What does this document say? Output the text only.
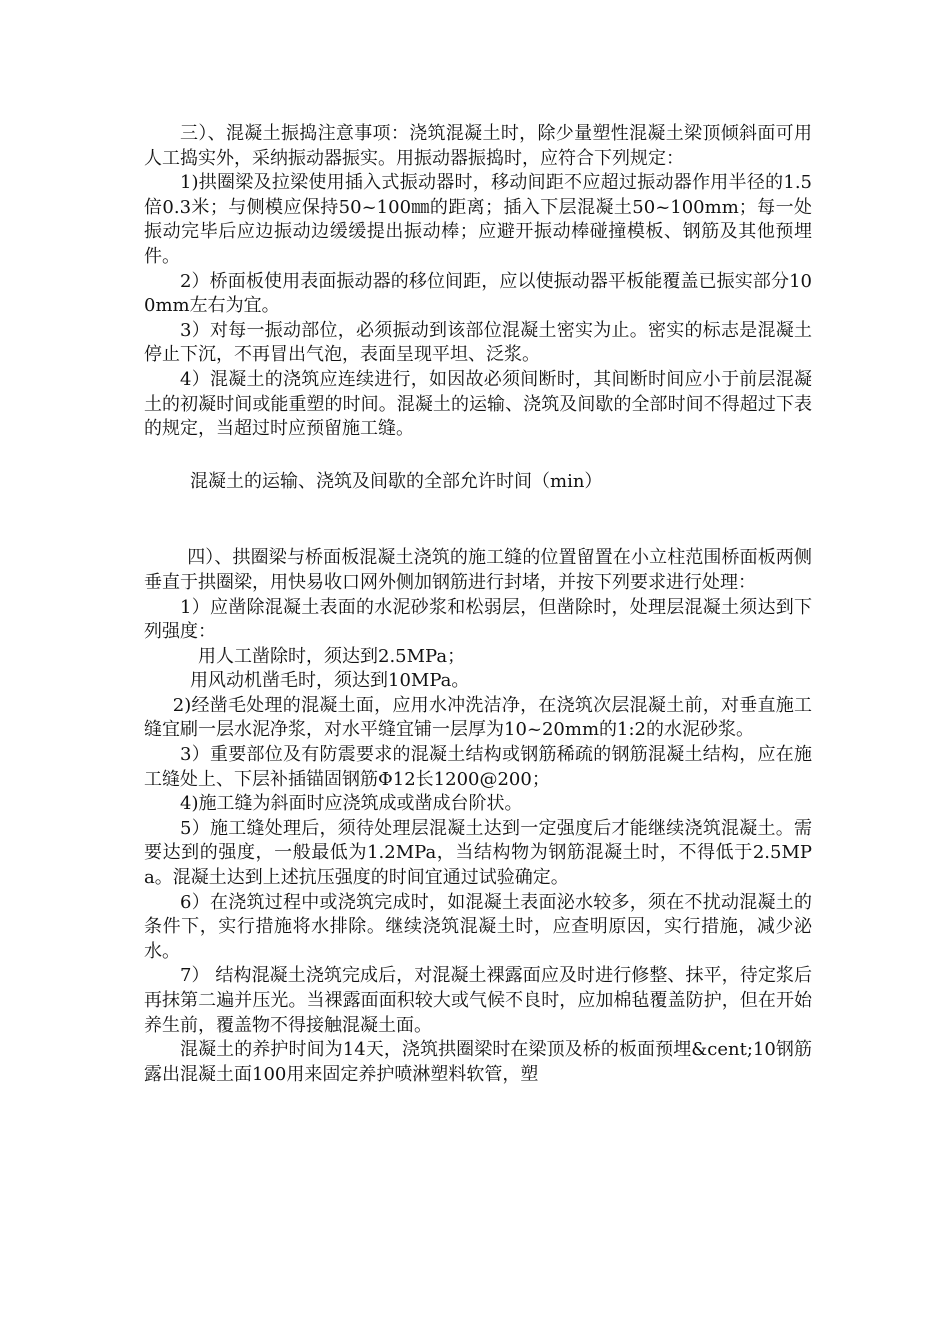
三）、混凝土振捣注意事项：浇筑混凝土时，除少量塑性混凝土梁顶倾斜面可用人工捣实外，采纳振动器振实。用振动器振捣时，应符合下列规定：

1)拱圈梁及拉梁使用插入式振动器时，移动间距不应超过振动器作用半径的1.5倍0.3米；与侧模应保持50~100㎜的距离；插入下层混凝土50~100mm；每一处振动完毕后应边振动边缓缓提出振动棒；应避开振动棒碰撞模板、钢筋及其他预埋件。

2）桥面板使用表面振动器的移位间距，应以使振动器平板能覆盖已振实部分100mm左右为宜。

3）对每一振动部位，必须振动到该部位混凝土密实为止。密实的标志是混凝土停止下沉，不再冒出气泡，表面呈现平坦、泛浆。

4）混凝土的浇筑应连续进行，如因故必须间断时，其间断时间应小于前层混凝土的初凝时间或能重塑的时间。混凝土的运输、浇筑及间歇的全部时间不得超过下表的规定，当超过时应预留施工缝。

混凝土的运输、浇筑及间歇的全部允许时间（min）

四）、拱圈梁与桥面板混凝土浇筑的施工缝的位置留置在小立柱范围桥面板两侧垂直于拱圈梁，用快易收口网外侧加钢筋进行封堵，并按下列要求进行处理：

1）应凿除混凝土表面的水泥砂浆和松弱层，但凿除时，处理层混凝土须达到下列强度：

用人工凿除时，须达到2.5MPa；

用风动机凿毛时，须达到10MPa。

2)经凿毛处理的混凝土面，应用水冲洗洁净，在浇筑次层混凝土前，对垂直施工缝宜刷一层水泥净浆，对水平缝宜铺一层厚为10~20mm的1:2的水泥砂浆。

3）重要部位及有防震要求的混凝土结构或钢筋稀疏的钢筋混凝土结构，应在施工缝处上、下层补插锚固钢筋Φ12长1200@200；

4)施工缝为斜面时应浇筑成或凿成台阶状。

5）施工缝处理后，须待处理层混凝土达到一定强度后才能继续浇筑混凝土。需要达到的强度，一般最低为1.2MPa，当结构物为钢筋混凝土时，不得低于2.5MPa。混凝土达到上述抗压强度的时间宜通过试验确定。

6）在浇筑过程中或浇筑完成时，如混凝土表面泌水较多，须在不扰动混凝土的条件下，实行措施将水排除。继续浇筑混凝土时，应查明原因，实行措施，减少泌水。

7） 结构混凝土浇筑完成后，对混凝土裸露面应及时进行修整、抹平，待定浆后再抹第二遍并压光。当裸露面面积较大或气候不良时，应加棉毡覆盖防护，但在开始养生前，覆盖物不得接触混凝土面。

混凝土的养护时间为14天，浇筑拱圈梁时在梁顶及桥的板面预埋&cent;10钢筋露出混凝土面100用来固定养护喷淋塑料软管，塑
